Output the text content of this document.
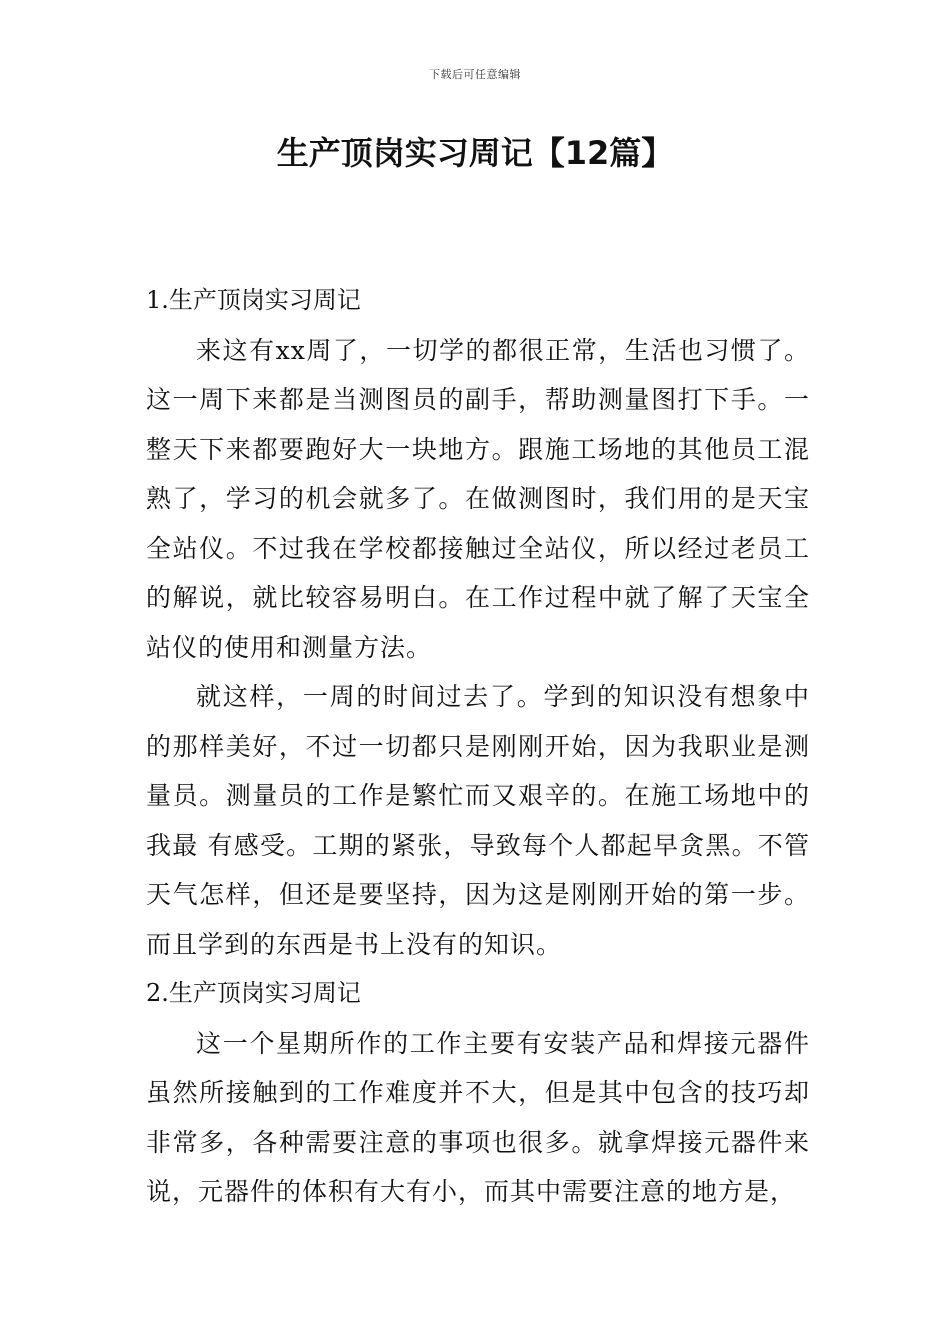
下载后可任意编辑
生产顶岗实习周记【12篇】
1.生产顶岗实习周记

来这有xx周了，一切学的都很正常，生活也习惯了。这一周下来都是当测图员的副手，帮助测量图打下手。一整天下来都要跑好大一块地方。跟施工场地的其他员工混熟了，学习的机会就多了。在做测图时，我们用的是天宝全站仪。不过我在学校都接触过全站仪，所以经过老员工的解说，就比较容易明白。在工作过程中就了解了天宝全站仪的使用和测量方法。

就这样，一周的时间过去了。学到的知识没有想象中的那样美好，不过一切都只是刚刚开始，因为我职业是测量员。测量员的工作是繁忙而又艰辛的。在施工场地中的我最 有感受。工期的紧张，导致每个人都起早贪黑。不管天气怎样，但还是要坚持，因为这是刚刚开始的第一步。而且学到的东西是书上没有的知识。

2.生产顶岗实习周记

这一个星期所作的工作主要有安装产品和焊接元器件虽然所接触到的工作难度并不大，但是其中包含的技巧却非常多，各种需要注意的事项也很多。就拿焊接元器件来说，元器件的体积有大有小，而其中需要注意的地方是，
